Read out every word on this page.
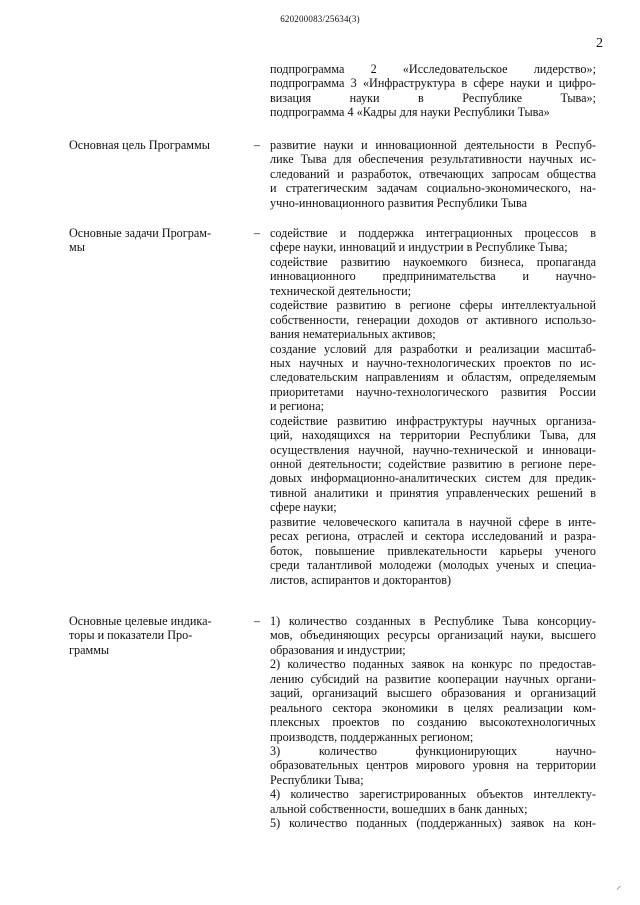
620200083/25634(3)
2
подпрограмма 2 «Исследовательское лидерство»;
подпрограмма 3 «Инфраструктура в сфере науки и цифро-
визация науки в Республике Тыва»;
подпрограмма 4 «Кадры для науки Республики Тыва»
Основная цель Программы	– развитие науки и инновационной деятельности в Респуб-
лике Тыва для обеспечения результативности научных ис-
следований и разработок, отвечающих запросам общества
и стратегическим задачам социально-экономического, на-
учно-инновационного развития Республики Тыва
Основные задачи Програм-
мы
– содействие и поддержка интеграционных процессов в
сфере науки, инноваций и индустрии в Республике Тыва;
содействие развитию наукоемкого бизнеса, пропаганда
инновационного предпринимательства и научно-
технической деятельности;
содействие развитию в регионе сферы интеллектуальной
собственности, генерации доходов от активного использо-
вания нематериальных активов;
создание условий для разработки и реализации масштаб-
ных научных и научно-технологических проектов по ис-
следовательским направлениям и областям, определяемым
приоритетами научно-технологического развития России
и региона;
содействие развитию инфраструктуры научных организа-
ций, находящихся на территории Республики Тыва, для
осуществления научной, научно-технической и инноваци-
онной деятельности; содействие развитию в регионе пере-
довых информационно-аналитических систем для предик-
тивной аналитики и принятия управленческих решений в
сфере науки;
развитие человеческого капитала в научной сфере в инте-
ресах региона, отраслей и сектора исследований и разра-
боток, повышение привлекательности карьеры ученого
среди талантливой молодежи (молодых ученых и специа-
листов, аспирантов и докторантов)
Основные целевые индика-
торы и показатели Про-
граммы
– 1) количество созданных в Республике Тыва консорциу-
мов, объединяющих ресурсы организаций науки, высшего
образования и индустрии;
2) количество поданных заявок на конкурс по предостав-
лению субсидий на развитие кооперации научных органи-
заций, организаций высшего образования и организаций
реального сектора экономики в целях реализации ком-
плексных проектов по созданию высокотехнологичных
производств, поддержанных регионом;
3) количество функционирующих научно-
образовательных центров мирового уровня на территории
Республики Тыва;
4) количество зарегистрированных объектов интеллекту-
альной собственности, вошедших в банк данных;
5) количество поданных (поддержанных) заявок на кон-
⸝
